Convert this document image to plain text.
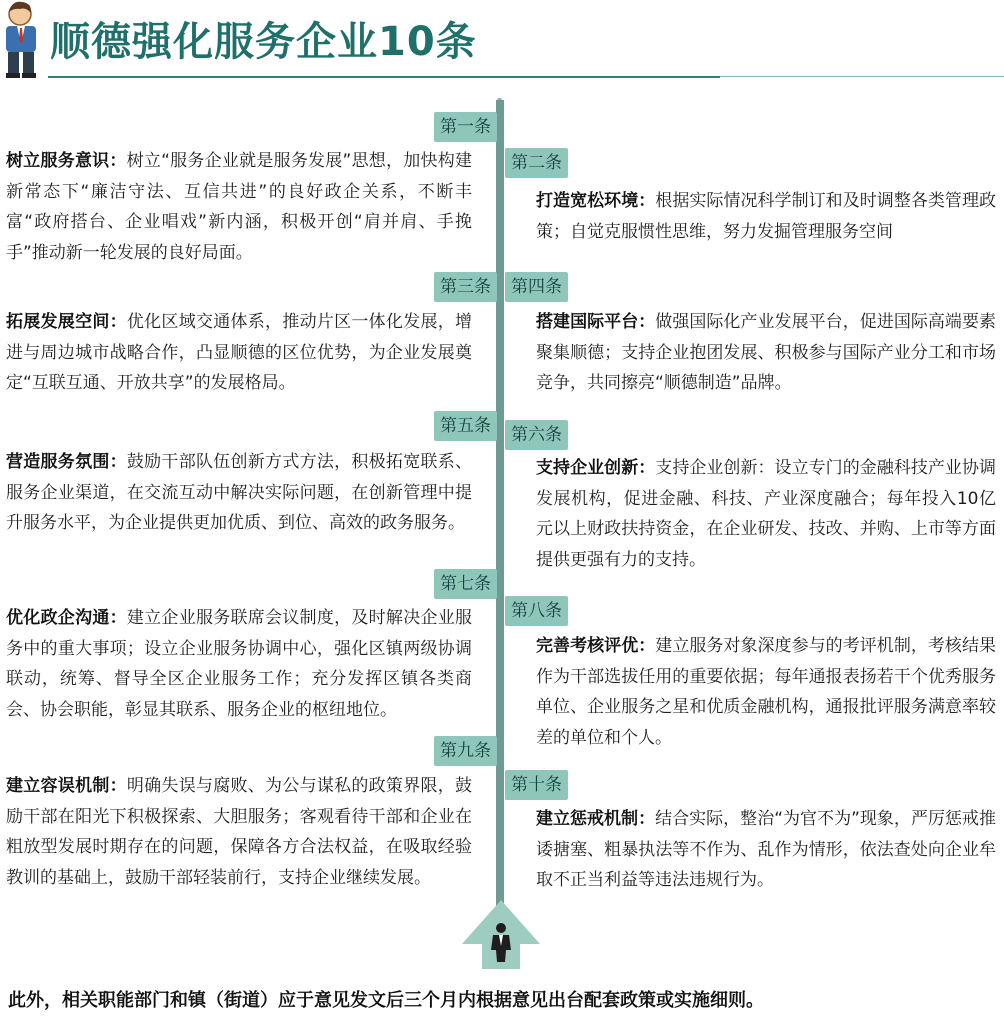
顺德强化服务企业10条
第一条
树立服务意识：树立“服务企业就是服务发展”思想，加快构建新常态下“廉洁守法、互信共进”的良好政企关系，不断丰富“政府搭台、企业唱戏”新内涵，积极开创“肩并肩、手挽手”推动新一轮发展的良好局面。
第二条
打造宽松环境：根据实际情况科学制订和及时调整各类管理政策；自觉克服惯性思维，努力发掘管理服务空间
第三条
拓展发展空间：优化区域交通体系，推动片区一体化发展，增进与周边城市战略合作，凸显顺德的区位优势，为企业发展奠定“互联互通、开放共享”的发展格局。
第四条
搭建国际平台：做强国际化产业发展平台，促进国际高端要素聚集顺德；支持企业抱团发展、积极参与国际产业分工和市场竞争，共同擦亮“顺德制造”品牌。
第五条
营造服务氛围：鼓励干部队伍创新方式方法，积极拓宽联系、服务企业渠道，在交流互动中解决实际问题，在创新管理中提升服务水平，为企业提供更加优质、到位、高效的政务服务。
第六条
支持企业创新：支持企业创新：设立专门的金融科技产业协调发展机构，促进金融、科技、产业深度融合；每年投入10亿元以上财政扶持资金，在企业研发、技改、并购、上市等方面提供更强有力的支持。
第七条
优化政企沟通：建立企业服务联席会议制度，及时解决企业服务中的重大事项；设立企业服务协调中心，强化区镇两级协调联动，统筹、督导全区企业服务工作；充分发挥区镇各类商会、协会职能，彰显其联系、服务企业的枢纽地位。
第八条
完善考核评优：建立服务对象深度参与的考评机制，考核结果作为干部选拔任用的重要依据；每年通报表扬若干个优秀服务单位、企业服务之星和优质金融机构，通报批评服务满意率较差的单位和个人。
第九条
建立容误机制：明确失误与腐败、为公与谋私的政策界限，鼓励干部在阳光下积极探索、大胆服务；客观看待干部和企业在粗放型发展时期存在的问题，保障各方合法权益，在吸取经验教训的基础上，鼓励干部轻装前行，支持企业继续发展。
第十条
建立惩戒机制：结合实际，整治“为官不为”现象，严厉惩戒推诿搪塞、粗暴执法等不作为、乱作为情形，依法查处向企业牟取不正当利益等违法违规行为。
此外，相关职能部门和镇（街道）应于意见发文后三个月内根据意见出台配套政策或实施细则。
